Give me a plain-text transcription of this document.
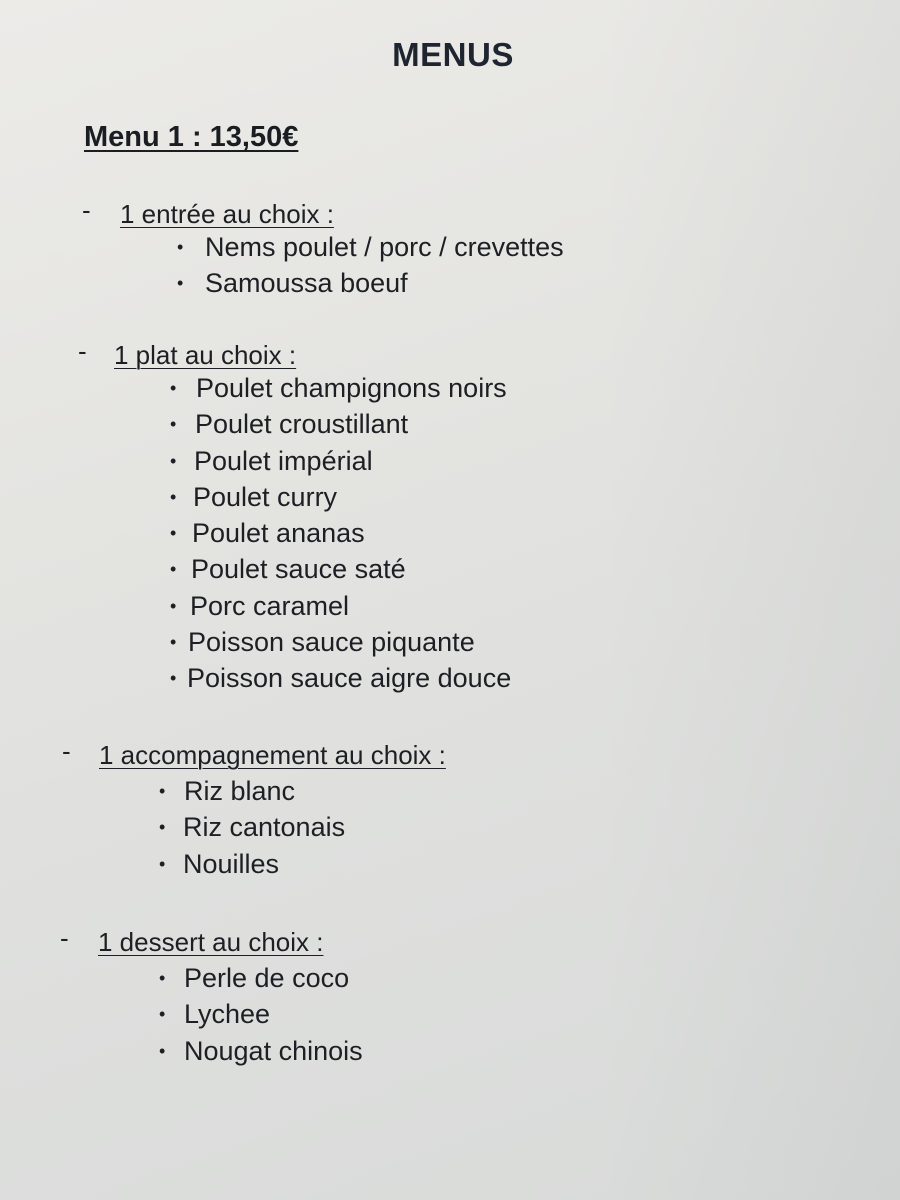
MENUS
Menu 1 : 13,50€
- 1 entrée au choix :
• Nems poulet / porc / crevettes
• Samoussa boeuf
- 1 plat au choix :
• Poulet champignons noirs
• Poulet croustillant
• Poulet impérial
• Poulet curry
• Poulet ananas
• Poulet sauce saté
• Porc caramel
• Poisson sauce piquante
• Poisson sauce aigre douce
- 1 accompagnement au choix :
• Riz blanc
• Riz cantonais
• Nouilles
- 1 dessert au choix :
• Perle de coco
• Lychee
• Nougat chinois
